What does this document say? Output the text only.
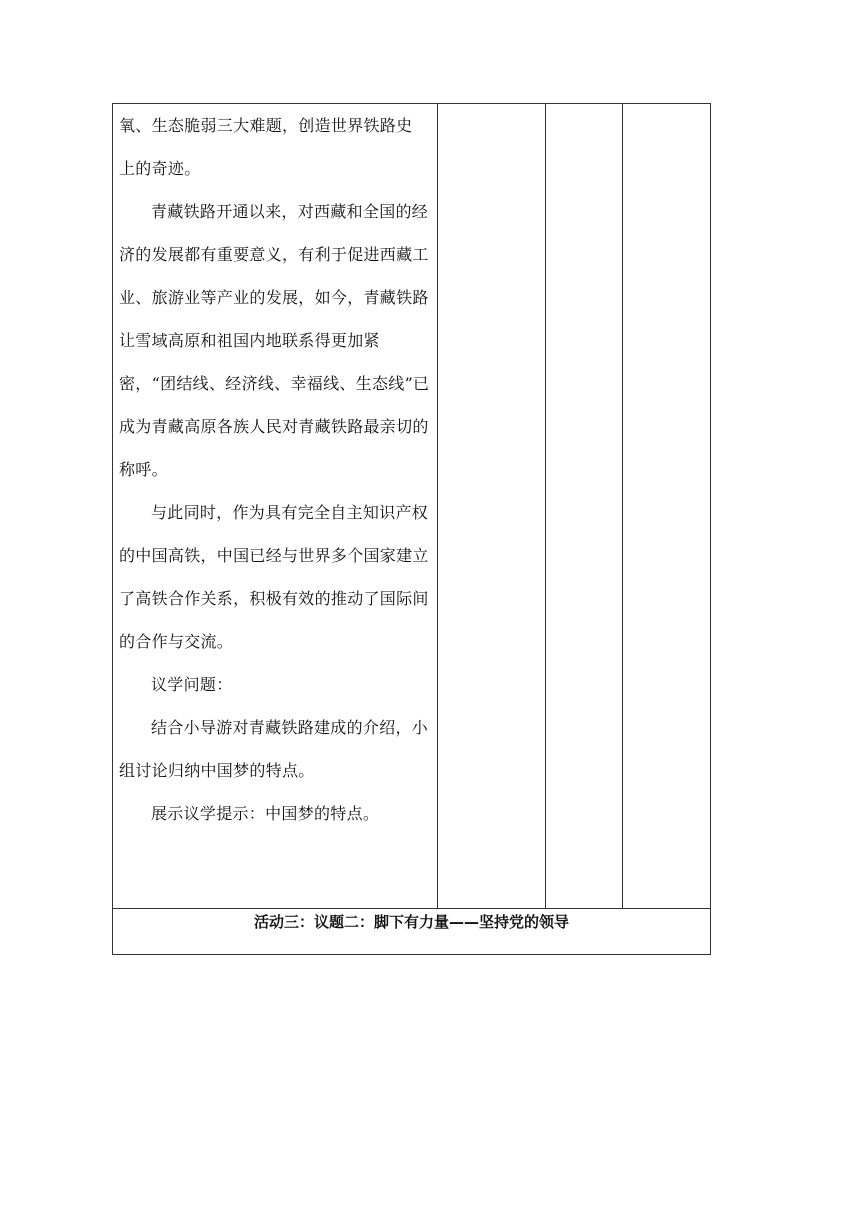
氧、生态脆弱三大难题，创造世界铁路史

上的奇迹。

青藏铁路开通以来，对西藏和全国的经济的发展都有重要意义，有利于促进西藏工业、旅游业等产业的发展，如今，青藏铁路让雪域高原和祖国内地联系得更加紧密，“团结线、经济线、幸福线、生态线”已成为青藏高原各族人民对青藏铁路最亲切的称呼。

与此同时，作为具有完全自主知识产权的中国高铁，中国已经与世界多个国家建立了高铁合作关系，积极有效的推动了国际间的合作与交流。

议学问题：

结合小导游对青藏铁路建成的介绍，小组讨论归纳中国梦的特点。

展示议学提示：中国梦的特点。

活动三：议题二：脚下有力量——坚持党的领导
